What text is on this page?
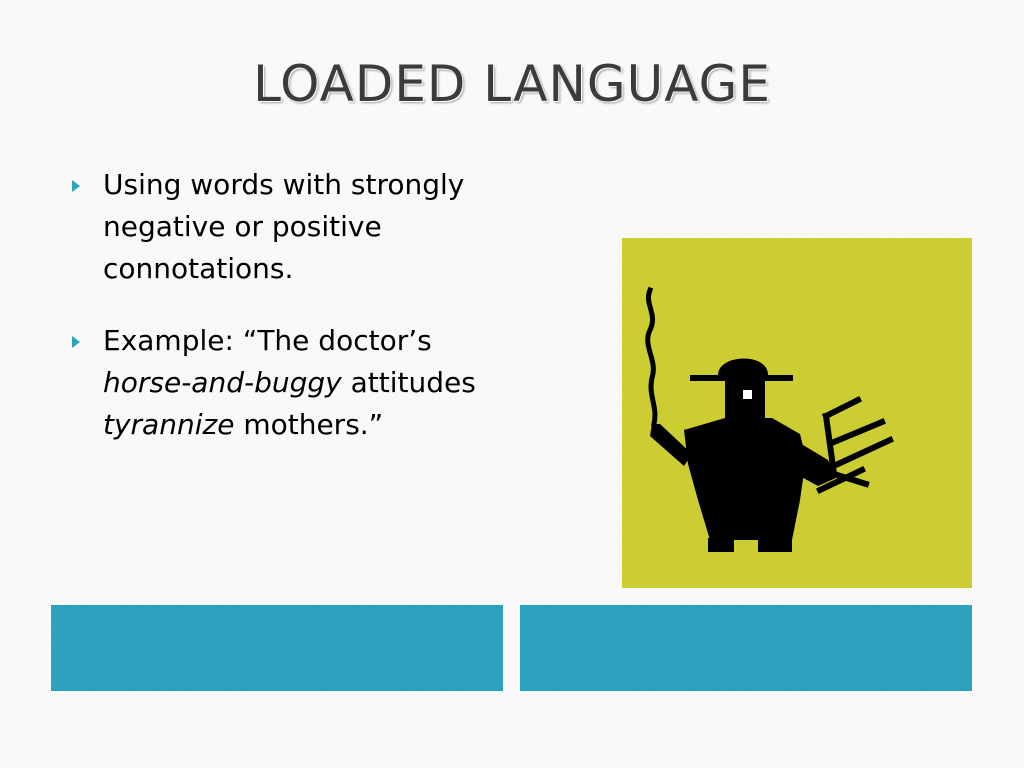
LOADED LANGUAGE
Using words with strongly negative or positive connotations.
Example: “The doctor’s horse-and-buggy attitudes tyrannize mothers.”
